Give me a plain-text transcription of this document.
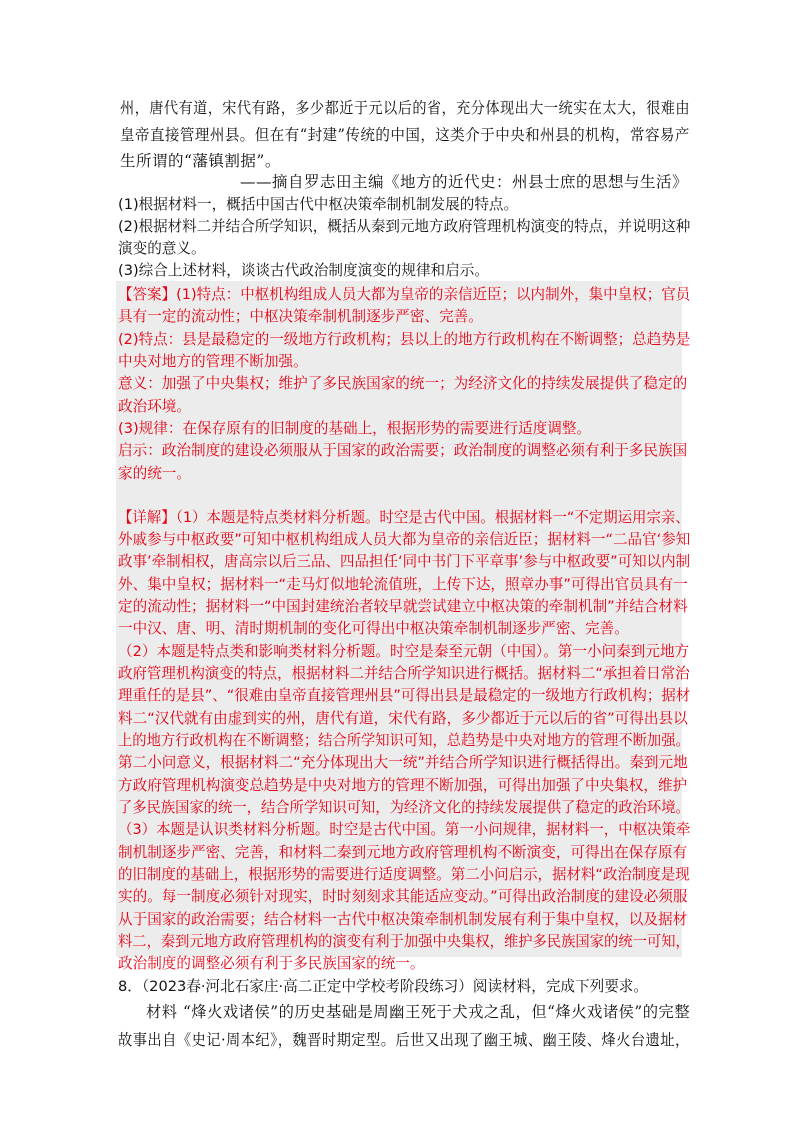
州，唐代有道，宋代有路，多少都近于元以后的省，充分体现出大一统实在太大，很难由
皇帝直接管理州县。但在有“封建”传统的中国，这类介于中央和州县的机构，常容易产
生所谓的“藩镇割据”。
——摘自罗志田主编《地方的近代史：州县士庶的思想与生活》
(1)根据材料一，概括中国古代中枢决策牵制机制发展的特点。
(2)根据材料二并结合所学知识，概括从秦到元地方政府管理机构演变的特点，并说明这种
演变的意义。
(3)综合上述材料，谈谈古代政治制度演变的规律和启示。
【答案】(1)特点：中枢机构组成人员大都为皇帝的亲信近臣；以内制外，集中皇权；官员
具有一定的流动性；中枢决策牵制机制逐步严密、完善。
(2)特点：县是最稳定的一级地方行政机构；县以上的地方行政机构在不断调整；总趋势是
中央对地方的管理不断加强。
意义：加强了中央集权；维护了多民族国家的统一；为经济文化的持续发展提供了稳定的
政治环境。
(3)规律：在保存原有的旧制度的基础上，根据形势的需要进行适度调整。
启示：政治制度的建设必须服从于国家的政治需要；政治制度的调整必须有利于多民族国
家的统一。
【详解】（1）本题是特点类材料分析题。时空是古代中国。根据材料一“不定期运用宗亲、
外戚参与中枢政要”可知中枢机构组成人员大都为皇帝的亲信近臣；据材料一“二品官‘参知
政事’牵制相权，唐高宗以后三品、四品担任‘同中书门下平章事’参与中枢政要”可知以内制
外、集中皇权；据材料一“走马灯似地轮流值班，上传下达，照章办事”可得出官员具有一
定的流动性；据材料一“中国封建统治者较早就尝试建立中枢决策的牵制机制”并结合材料
一中汉、唐、明、清时期机制的变化可得出中枢决策牵制机制逐步严密、完善。
（2）本题是特点类和影响类材料分析题。时空是秦至元朝（中国）。第一小问秦到元地方
政府管理机构演变的特点，根据材料二并结合所学知识进行概括。据材料二“承担着日常治
理重任的是县”、“很难由皇帝直接管理州县”可得出县是最稳定的一级地方行政机构；据材
料二“汉代就有由虚到实的州，唐代有道，宋代有路，多少都近于元以后的省”可得出县以
上的地方行政机构在不断调整；结合所学知识可知，总趋势是中央对地方的管理不断加强。
第二小问意义，根据材料二“充分体现出大一统”并结合所学知识进行概括得出。秦到元地
方政府管理机构演变总趋势是中央对地方的管理不断加强，可得出加强了中央集权，维护
了多民族国家的统一，结合所学知识可知，为经济文化的持续发展提供了稳定的政治环境。
（3）本题是认识类材料分析题。时空是古代中国。第一小问规律，据材料一，中枢决策牵
制机制逐步严密、完善，和材料二秦到元地方政府管理机构不断演变，可得出在保存原有
的旧制度的基础上，根据形势的需要进行适度调整。第二小问启示，据材料“政治制度是现
实的。每一制度必须针对现实，时时刻刻求其能适应变动。”可得出政治制度的建设必须服
从于国家的政治需要；结合材料一古代中枢决策牵制机制发展有利于集中皇权，以及据材
料二，秦到元地方政府管理机构的演变有利于加强中央集权，维护多民族国家的统一可知，
政治制度的调整必须有利于多民族国家的统一。
8．（2023春·河北石家庄·高二正定中学校考阶段练习）阅读材料，完成下列要求。
材料 “烽火戏诸侯”的历史基础是周幽王死于犬戎之乱，但“烽火戏诸侯”的完整
故事出自《史记·周本纪》，魏晋时期定型。后世又出现了幽王城、幽王陵、烽火台遗址，
